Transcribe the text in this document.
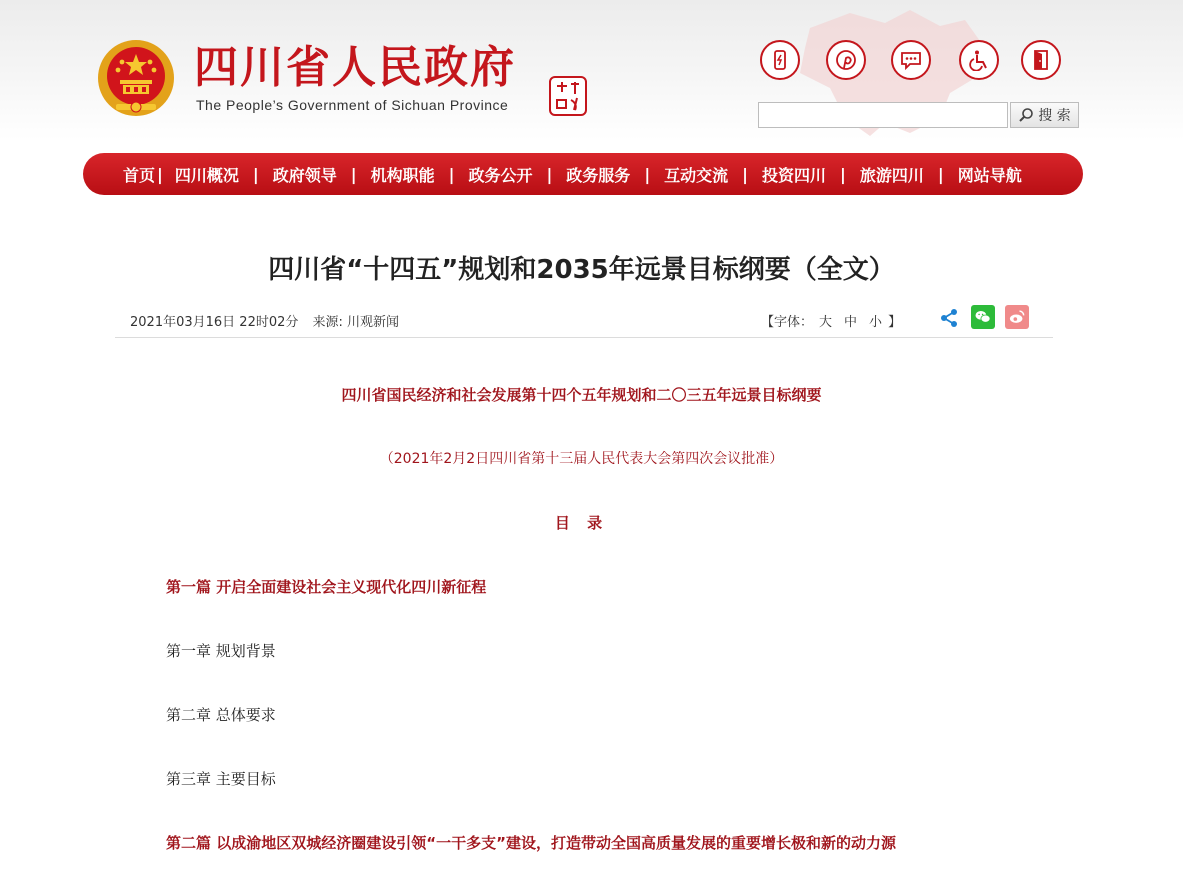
四川省人民政府
The People’s Government of Sichuan Province
搜 索
首页 | 四川概况 | 政府领导 | 机构职能 | 政务公开 | 政务服务 | 互动交流 | 投资四川 | 旅游四川 | 网站导航
四川省“十四五”规划和2035年远景目标纲要（全文）
2021年03月16日 22时02分 来源: 川观新闻	【字体： 大 中 小 】
四川省国民经济和社会发展第十四个五年规划和二〇三五年远景目标纲要
（2021年2月2日四川省第十三届人民代表大会第四次会议批准）
目 录
第一篇 开启全面建设社会主义现代化四川新征程
第一章 规划背景
第二章 总体要求
第三章 主要目标
第二篇 以成渝地区双城经济圈建设引领“一干多支”建设，打造带动全国高质量发展的重要增长极和新的动力源
